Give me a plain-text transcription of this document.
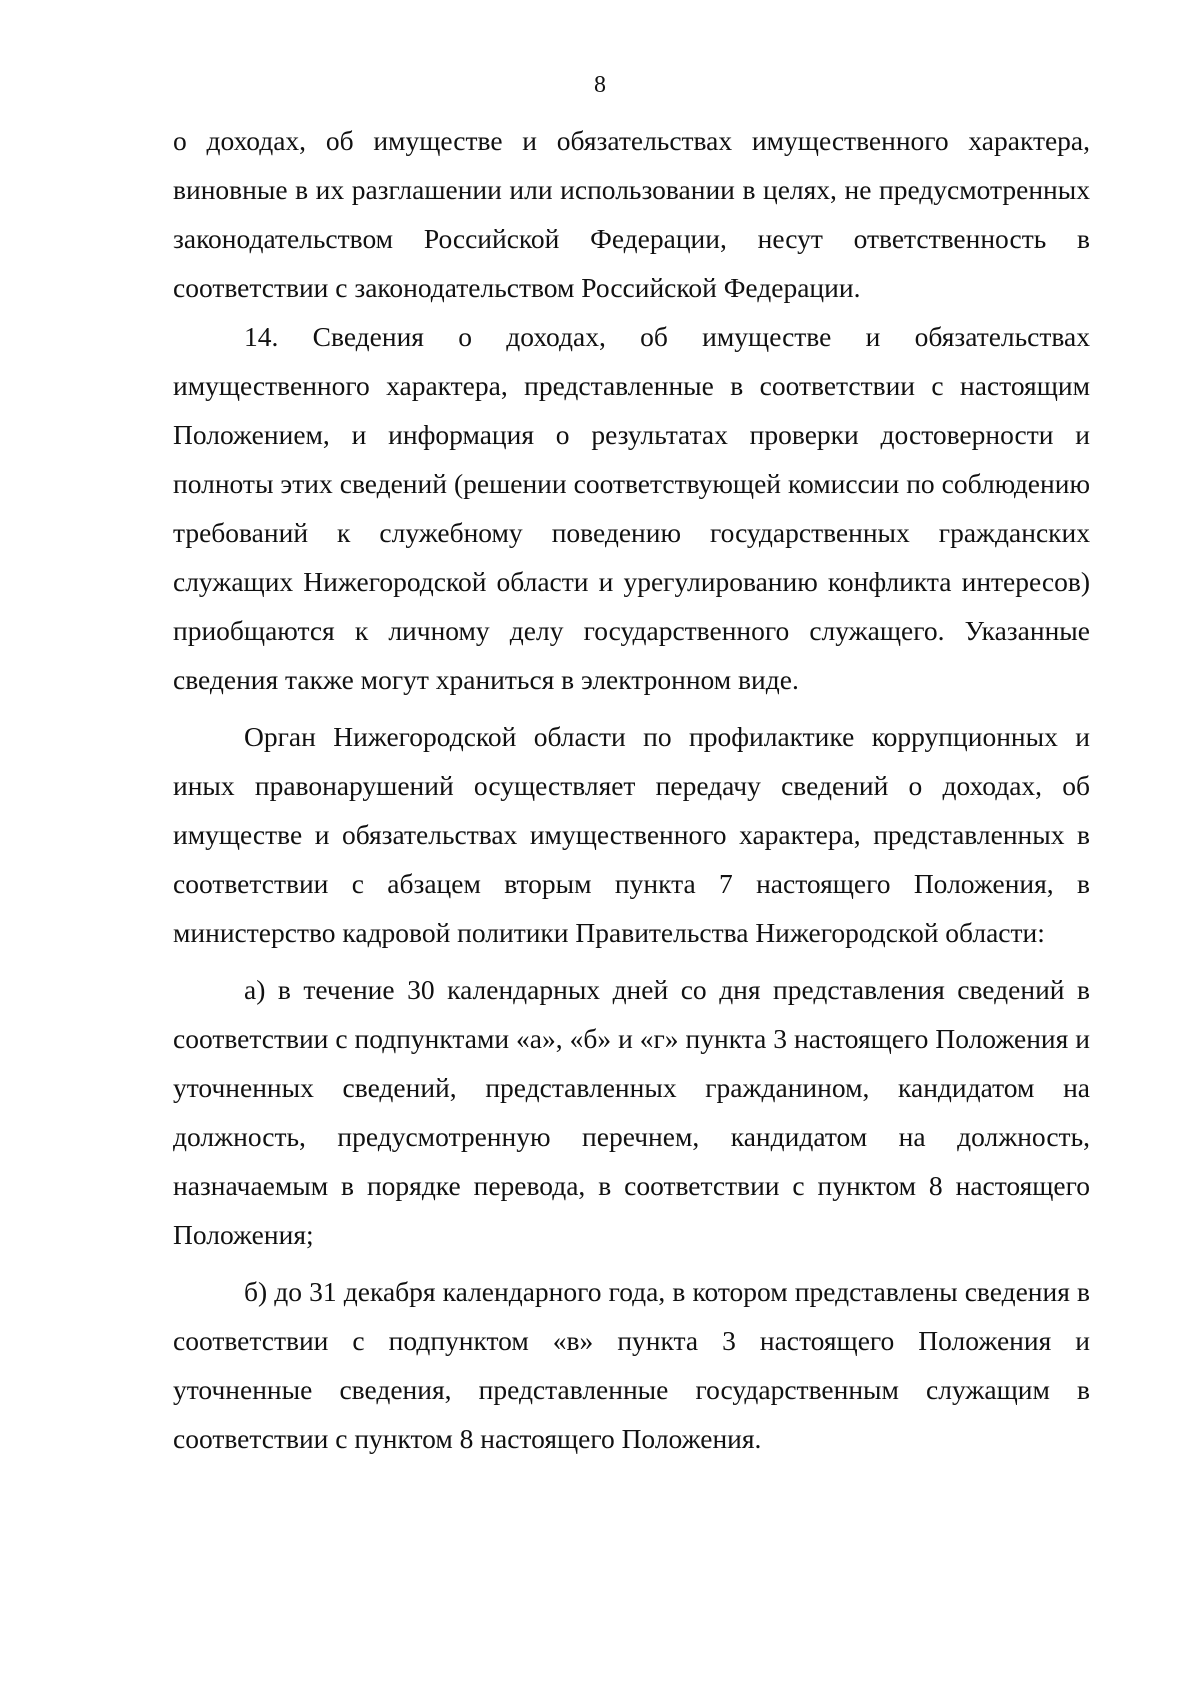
8

о доходах, об имуществе и обязательствах имущественного характера, виновные в их разглашении или использовании в целях, не предусмотренных законодательством Российской Федерации, несут ответственность в соответствии с законодательством Российской Федерации.

14. Сведения о доходах, об имуществе и обязательствах имущественного характера, представленные в соответствии с настоящим Положением, и информация о результатах проверки достоверности и полноты этих сведений (решении соответствующей комиссии по соблюдению требований к служебному поведению государственных гражданских служащих Нижегородской области и урегулированию конфликта интересов) приобщаются к личному делу государственного служащего. Указанные сведения также могут храниться в электронном виде.

Орган Нижегородской области по профилактике коррупционных и иных правонарушений осуществляет передачу сведений о доходах, об имуществе и обязательствах имущественного характера, представленных в соответствии с абзацем вторым пункта 7 настоящего Положения, в министерство кадровой политики Правительства Нижегородской области:

а) в течение 30 календарных дней со дня представления сведений в соответствии с подпунктами «а», «б» и «г» пункта 3 настоящего Положения и уточненных сведений, представленных гражданином, кандидатом на должность, предусмотренную перечнем, кандидатом на должность, назначаемым в порядке перевода, в соответствии с пунктом 8 настоящего Положения;

б) до 31 декабря календарного года, в котором представлены сведения в соответствии с подпунктом «в» пункта 3 настоящего Положения и уточненные сведения, представленные государственным служащим в соответствии с пунктом 8 настоящего Положения.
